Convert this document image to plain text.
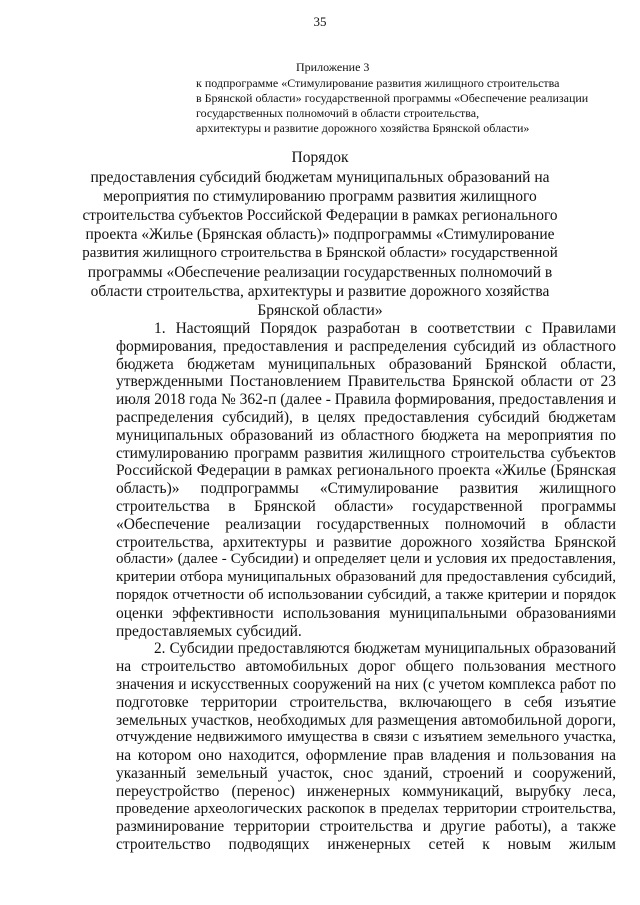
35
Приложение 3
к подпрограмме «Стимулирование развития жилищного строительства
в Брянской области» государственной программы «Обеспечение реализации
государственных полномочий в области строительства,
архитектуры и развитие дорожного хозяйства Брянской области»
Порядок
предоставления субсидий бюджетам муниципальных образований на
мероприятия по стимулированию программ развития жилищного
строительства субъектов Российской Федерации в рамках регионального
проекта «Жилье (Брянская область)» подпрограммы «Стимулирование
развития жилищного строительства в Брянской области» государственной
программы «Обеспечение реализации государственных полномочий в
области строительства, архитектуры и развитие дорожного хозяйства
Брянской области»
1. Настоящий Порядок разработан в соответствии с Правилами
формирования, предоставления и распределения субсидий из областного
бюджета бюджетам муниципальных образований Брянской области,
утвержденными Постановлением Правительства Брянской области от 23
июля 2018 года № 362-п (далее - Правила формирования, предоставления и
распределения субсидий), в целях предоставления субсидий бюджетам
муниципальных образований из областного бюджета на мероприятия по
стимулированию программ развития жилищного строительства субъектов
Российской Федерации в рамках регионального проекта «Жилье (Брянская
область)» подпрограммы «Стимулирование развития жилищного
строительства в Брянской области» государственной программы
«Обеспечение реализации государственных полномочий в области
строительства, архитектуры и развитие дорожного хозяйства Брянской
области» (далее - Субсидии) и определяет цели и условия их предоставления,
критерии отбора муниципальных образований для предоставления субсидий,
порядок отчетности об использовании субсидий, а также критерии и порядок
оценки эффективности использования муниципальными образованиями
предоставляемых субсидий.
2. Субсидии предоставляются бюджетам муниципальных образований
на строительство автомобильных дорог общего пользования местного
значения и искусственных сооружений на них (с учетом комплекса работ по
подготовке территории строительства, включающего в себя изъятие
земельных участков, необходимых для размещения автомобильной дороги,
отчуждение недвижимого имущества в связи с изъятием земельного участка,
на котором оно находится, оформление прав владения и пользования на
указанный земельный участок, снос зданий, строений и сооружений,
переустройство (перенос) инженерных коммуникаций, вырубку леса,
проведение археологических раскопок в пределах территории строительства,
разминирование территории строительства и другие работы), а также
строительство подводящих инженерных сетей к новым жилым
